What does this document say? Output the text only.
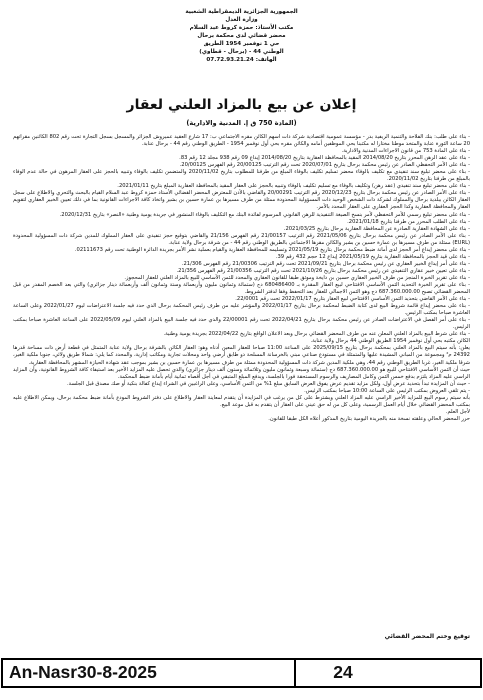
الجمهورية الجزائرية الديمقراطية الشعبية
وزارة العدل
مكتب الأستاذ: حمزة كروط عبد السلام
محضر قضائي لدى محكمة برحال
حي 1 نوفمبر 1954 الطريق
الوطني 44 - (برحال - قطاوي)
الهاتف: 07.72.93.21.24
إعلان عن بيع بالمزاد العلني لعقار
(المادة 750 ق إ. المدنية والادارية)

- بناء على طلب: بنك الفلاحة والتنمية الريفية بدر - مؤسسة عمومية اقتصادية شركة ذات أسهم الكائن مقره الاجتماعي ب: 17 شارع العقيد عميروش الجزائر والمسجل بسجل التجارة تحت رقم 802 الكائنين مقراتهم 20 ساعة الثورة عنابة والمتخذ موطنا مختارا له مكتبنا بحي الموظفين أمامه والكائن مقره بحي أول نوفمبر 1954 - الطريق الوطني رقم 44 - برحال عنابة.

- بناء على المادة 753 من قانون الاجراءات المدنية والادارية.

- بناء على عقد الرهن المحرر بتاريخ 2014/08/20 المقيد بالمحافظة العقارية بتاريخ 2014/08/20 إيداع 09 رقم 938 مجلد 12 رقم 83.

- بناء على الأمر التحفظي الصادر عن رئيس محكمة برحال بتاريخ 2020/07/01 تحت رقم الترتيب 20/00125 رقم الفهرس 20/00125.

- بناء على محضر تبليغ سند تنفيذي مع تكليف بالوفاء محضر تسليم تكليف بالوفاء المبلغ من طرفنا للمطلوب بتاريخ 2020/11/02 والمتضمن تكليف بالوفاء وتنبيه بالحجز على العقار المرهون في حالة عدم الوفاء بالمبلغ من طرفنا بتاريخ 2020/11/02.

- بناء على محضر تبليغ سند تنفيذي (عقد رهن) وتكليف بالوفاء مع تسليم تكليف بالوفاء وتنبيه بالحجز على العقار المقيد بالمحافظة العقارية المبلغ بتاريخ 2021/01/11.

- بناء على الأمر الصادر عن رئيس محكمة برحال بتاريخ 2020/12/23 رقم الترتيب 20/00291 والقاضي بالأذن للمعترض المحضر القضائي الأستاذ حمزة كروط عبد السلام القيام بالبحث والتحري والاطلاع على سجل العقار الكائن ببلدية برحال والمملوك لشركة ذات الشخص الوحيد ذات المسؤولية المحدودة ممثلة من طرف مسيرها بن عمارة حسين بن بشير واتخاذ كافة الاجراءات القانونية بما في ذلك تعيين الخبير العقاري لتقويم العقار والمحافظة العقارية وكذا الحجز العقاري على العقار المحدد بالأمر.

- بناء على محضر تبليغ رسمي للأمر التحفظي لأمر بنسخ الصيغة التنفيذية للرهن القانوني المرسوم لفائدة البنك مع التكليف بالوفاء المنشور في جريدة يومية وطنية «النصر» بتاريخ 2020/12/31.

- بناء على الطلب المحرر من طرفنا بتاريخ 2021/01/18.

- بناء على الشهادة العقارية الصادرة عن المحافظة العقارية برحال بتاريخ 2021/03/25.

- بناء على الأمر الصادر عن رئيس محكمة برحال بتاريخ 2021/05/06 رقم الترتيب 21/00157 رقم الفهرس 21/156 والقاضي بتوقيع حجز تنفيذي على العقار المملوك للمدين شركة ذات المسؤولية المحدودة (EURL) ممثلة من طرف مسيرها بن عمارة حسين بن بشير والكائن مقرها الاجتماعي بالطريق الوطني رقم 44 - من شرفة برحال ولاية عنابة.

- بناء على محضر إيداع أمر الحجز لدى أمانة ضبط محكمة برحال بتاريخ 2021/05/19 وتسليمه للمحافظة العقارية والقيام بعملية نشر الأمر بجريدة الدائرة الوطنية تحت رقم 02111673.

- بناء على قيد الحجز بالمحافظة العقارية بتاريخ 2021/05/19 إيداع 12 حجم 432 رقم 39.

- بناء على أمر إيداع الخبير العقاري عن رئيس محكمة برحال بتاريخ 2021/09/21 تحت رقم الترتيب 21/00306 رقم الفهرس 21/306.

- بناء على تعيين خبير عقاري التنفيذي عن رئيس محكمة برحال بتاريخ 2021/10/26 تحت رقم الترتيب 21/00356 رقم الفهرس 21/356.

- بناء على تقرير الخبرة المنجز من طرف الخبير العقاري حسين بن دايخة وموثق طبقا للقانون العقاري والمحدد للثمن الأساسي للبيع بالمزاد العلني للعقار المحجوز.

- بناء على تقرير الخبرة التحديد الثمن الأساسي الافتتاحي لبيع العقار المقدرة بـ 680486400 دج (ستمائة وثمانون مليون وأربعمائة وستة وثمانون ألف وأربعمائة دينار جزائري) والتي بعد الخصم المقدر من قبل المحضر القضائي تصبح 687.360.000.00 دج وهو الثمن الاجمالي للعقار بعد التحفظ وفقا لدفتر الشروط.

- بناء على الأمر القاضي بتحديد الثمن الأساسي الافتتاحي لبيع العقار بتاريخ 2022/01/17 تحت رقم 22/0001.

- بناء على محضر إيداع قائمة شروط البيع لدى كتابة الضبط لمحكمة برحال بتاريخ 2022/01/17 والمؤشر عليه من طرف رئيس المحكمة برحال الذي حدد فيه جلسة الاعتراضات ليوم 2022/01/27 وعلى الساعة العاشرة صباحا بمكتب الرئيس.

- بناء على أمر الفصل في الاعتراضات الصادر عن رئيس محكمة برحال بتاريخ 2022/04/21 تحت رقم 22/00001 والذي حدد فيه جلسة البيع بالمزاد العلني ليوم 2022/05/09 على الساعة العاشرة صباحا بمكتب الرئيس.

- بناء على شرط البيع بالمزاد العلني المعلن عنه من طرف المحضر القضائي برحال وبعد الاعلان الواقع بتاريخ 2022/04/22 بجريدة يومية وطنية.

الكائن مكتبه بحي أول نوفمبر 1954 الطريق الوطني 44 برحال ولاية عنابة.

يعلن: بأنه سيتم البيع بالمزاد العلني بمحكمة برحال بتاريخ 2025/09/15 على الساعة 11:00 صباحا للعقار المعين أدناه وهو: العقار الكائن بالشرفة برحال ولاية عنابة المتمثل في قطعة أرض ذات مساحة قدرها 24392 م² ومجموعة من المباني المشيدة عليها والمتمثلة في مستودع صناعي مبني بالخرسانة المسلحة ذو طابق أرضي واحد ومحلات تجارية ومكاتب إدارية، والمحدد كما يلي: شمالا طريق ولائي، جنوبا ملكية الغير، شرقا ملكية الغير، غربا الطريق الوطني رقم 44، وهي ملكية المدين شركة ذات المسؤولية المحدودة ممثلة من طرف مسيرها بن عمارة حسين بن بشير بموجب عقد شهادة الحيازة المشهر بالمحافظة العقارية.

حيث أن الثمن الأساسي الافتتاحي للبيع هو 687.360.000.00 دج (ستمائة وسبعة وثمانون مليون وثلاثمائة وستون ألف دينار جزائري) والذي تحصل عليه المزايد الأخير بعد استيفاء كافة الشروط القانونية، وأن المزايد الراسي عليه المزاد يلتزم بدفع خمس الثمن وكامل المصاريف والرسوم المستحقة فورا بالجلسة، ويدفع المبلغ المتبقي في أجل أقصاه ثمانية أيام بأمانة ضبط المحكمة.

- حيث أن المزايدة تبدأ بتحديد عرض أول، ولكل مزايد تقديم عرض يفوق العرض السابق مبلغ 1% من الثمن الأساسي، وعلى الراغبين في الشراء إيداع كفالة بنكية أو صك مصدق قبل الجلسة.

- يتم تلقي العروض بمكتب الرئيس على الساعة 10:00 صباحا بمكتب الرئيس.

بأنه سيتم رسوم البيع للمزايد الأخير الراسي عليه المزاد العلني ويشترط على كل من يرغب في المزايدة أن يتقدم لمعاينة العقار والاطلاع على دفتر الشروط المودع بأمانة ضبط محكمة برحال، ويمكن الاطلاع عليه بمكتب المحضر القضائي خلال أيام العمل الرسمية، وعلى كل من له حق عيني على العقار أن يتقدم به قبل موعد البيع.

لأجل العلم.

حرر المحضر الحالي وعلقته نسخة منه بالجريدة اليومية بتاريخ المذكور أعلاه الكل طبقا للقانون.

توقيع وختم المحضر القضائي
An-Nasr30-8-2025	24
